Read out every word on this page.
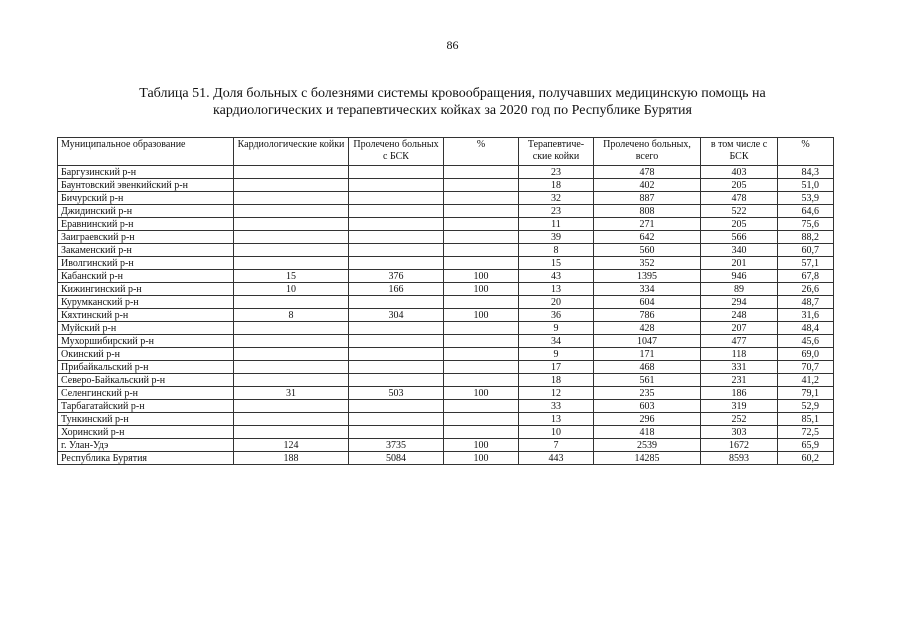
86
Таблица 51. Доля больных с болезнями системы кровообращения, получавших медицинскую помощь на
кардиологических и терапевтических койках за 2020 год по Республике Бурятия
Муниципальное образование	Кардиологические койки	Пролечено больных с БСК	%	Терапевтиче-ские койки	Пролечено больных, всего	в том числе с БСК	%
Баргузинский р-н				23	478	403	84,3
Баунтовский эвенкийский р-н				18	402	205	51,0
Бичурский р-н				32	887	478	53,9
Джидинский р-н				23	808	522	64,6
Еравнинский р-н				11	271	205	75,6
Заиграевский р-н				39	642	566	88,2
Закаменский р-н				8	560	340	60,7
Иволгинский р-н				15	352	201	57,1
Кабанский р-н	15	376	100	43	1395	946	67,8
Кижингинский р-н	10	166	100	13	334	89	26,6
Курумканский р-н				20	604	294	48,7
Кяхтинский р-н	8	304	100	36	786	248	31,6
Муйский р-н				9	428	207	48,4
Мухоршибирский р-н				34	1047	477	45,6
Окинский р-н				9	171	118	69,0
Прибайкальский р-н				17	468	331	70,7
Северо-Байкальский р-н				18	561	231	41,2
Селенгинский р-н	31	503	100	12	235	186	79,1
Тарбагатайский р-н				33	603	319	52,9
Тункинский р-н				13	296	252	85,1
Хоринский р-н				10	418	303	72,5
г. Улан-Удэ	124	3735	100	7	2539	1672	65,9
Республика Бурятия	188	5084	100	443	14285	8593	60,2
